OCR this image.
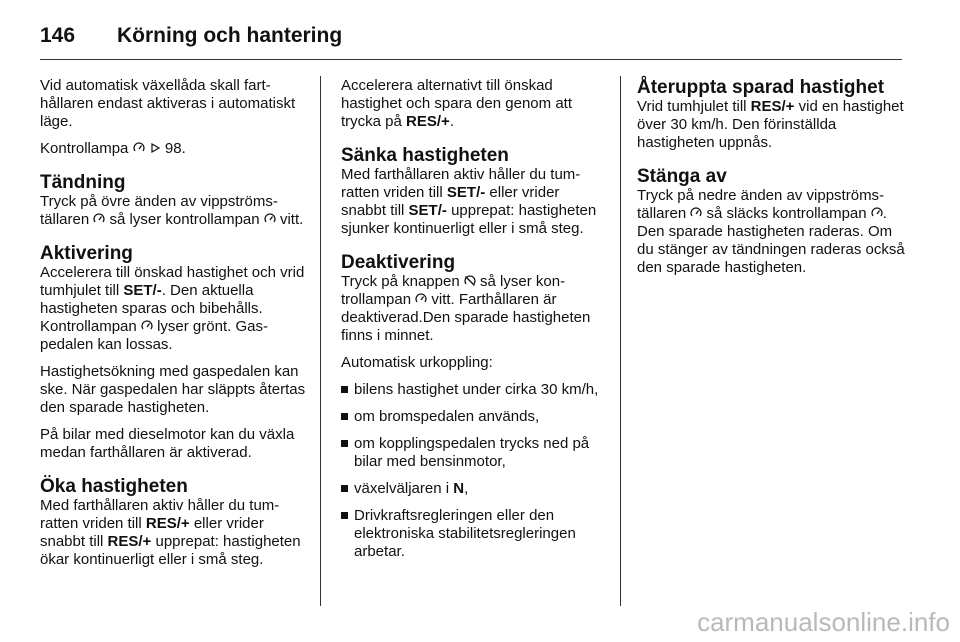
146 Körning och hantering

Vid automatisk växellåda skall farthållaren endast aktiveras i automatiskt läge.

Kontrollampa
98.

Tändning

Tryck på övre änden av vippströmställaren så lyser kontrollampan vitt.

Aktivering

Accelerera till önskad hastighet och vrid tumhjulet till SET/-. Den aktuella hastigheten sparas och bibehålls. Kontrollampan lyser grönt. Gaspedalen kan lossas.

Hastighetsökning med gaspedalen kan ske. När gaspedalen har släppts återtas den sparade hastigheten.

På bilar med dieselmotor kan du växla medan farthållaren är aktiverad.

Öka hastigheten

Med farthållaren aktiv håller du tumratten vriden till RES/+ eller vrider snabbt till RES/+ upprepat: hastigheten ökar kontinuerligt eller i små steg.

Accelerera alternativt till önskad hastighet och spara den genom att trycka på RES/+.

Sänka hastigheten

Med farthållaren aktiv håller du tumratten vriden till SET/- eller vrider snabbt till SET/- upprepat: hastigheten sjunker kontinuerligt eller i små steg.

Deaktivering

Tryck på knappen så lyser kontrollampan vitt. Farthållaren är deaktiverad.Den sparade hastigheten finns i minnet.

Automatisk urkoppling:

bilens hastighet under cirka 30 km/h,
om bromspedalen används,
om kopplingspedalen trycks ned på bilar med bensinmotor,
växelväljaren i N,
Drivkraftsregleringen eller den elektroniska stabilitetsregleringen arbetar.
Återuppta sparad hastighet

Vrid tumhjulet till RES/+ vid en hastighet över 30 km/h. Den förinställda hastigheten uppnås.

Stänga av

Tryck på nedre änden av vippströmställaren så släcks kontrollampan . Den sparade hastigheten raderas. Om du stänger av tändningen raderas också den sparade hastigheten.

carmanualsonline.info
